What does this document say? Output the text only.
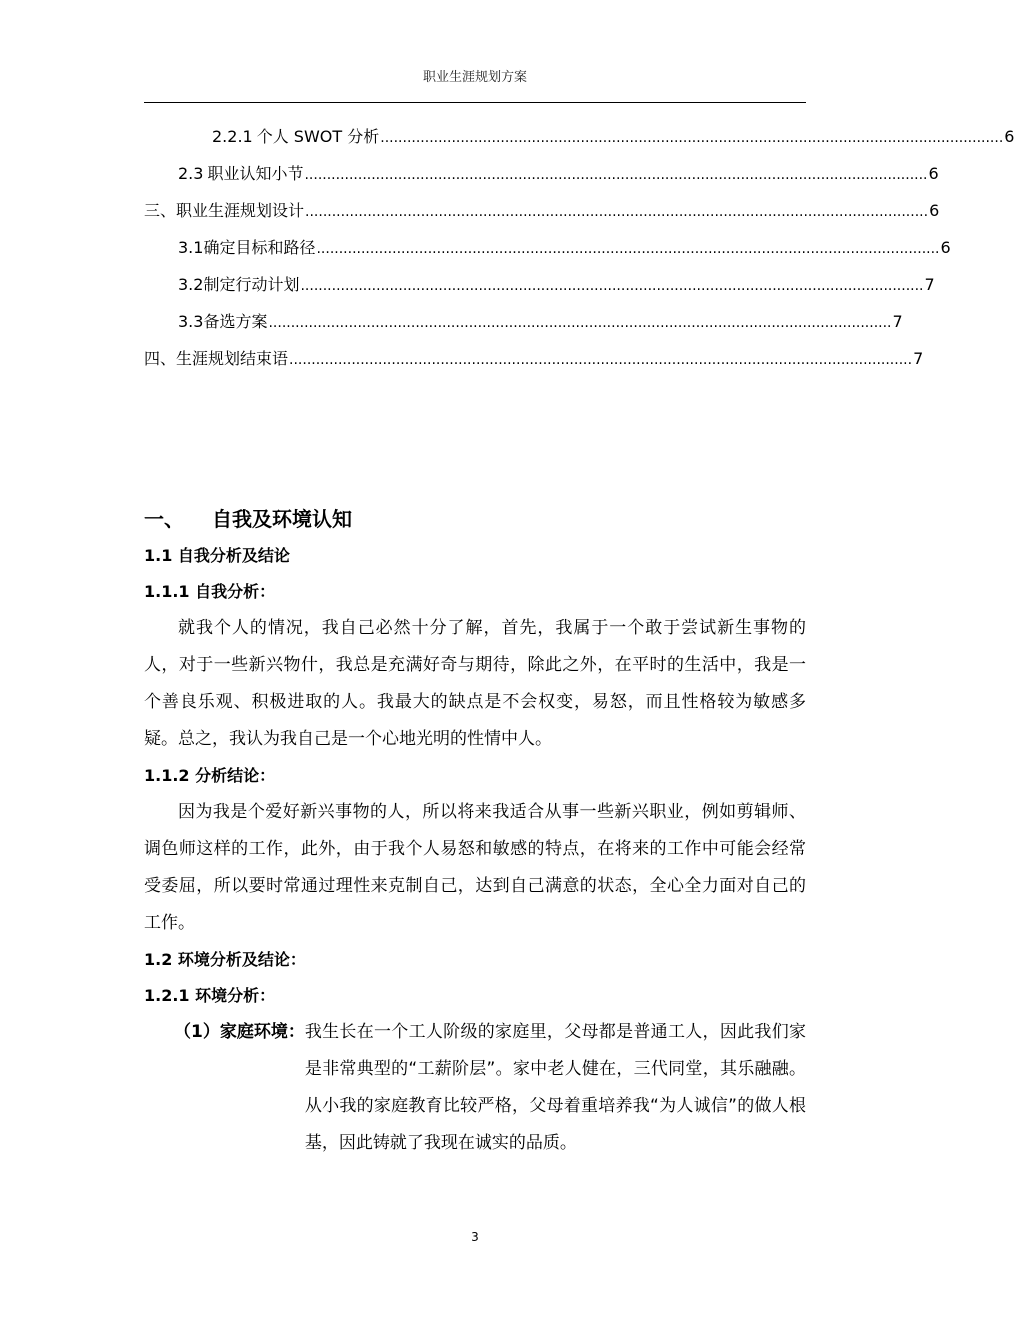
职业生涯规划方案
2.2.1 个人 SWOT 分析 ............................................................................................................................................ 6
2.3 职业认知小节 ............................................................................................................................................ 6
三、 职业生涯规划设计 ............................................................................................................................................ 6
3.1 确定目标和路径 ............................................................................................................................................ 6
3.2 制定行动计划 ............................................................................................................................................ 7
3.3 备选方案 ............................................................................................................................................ 7
四、 生涯规划结束语 ............................................................................................................................................ 7
一、	自我及环境认知
1.1 自我分析及结论
1.1.1 自我分析：

就我个人的情况，我自己必然十分了解，首先，我属于一个敢于尝试新生事物的人，对于一些新兴物什，我总是充满好奇与期待，除此之外，在平时的生活中，我是一个善良乐观、积极进取的人。我最大的缺点是不会权变，易怒，而且性格较为敏感多疑。总之，我认为我自己是一个心地光明的性情中人。

1.1.2 分析结论：

因为我是个爱好新兴事物的人，所以将来我适合从事一些新兴职业，例如剪辑师、调色师这样的工作，此外，由于我个人易怒和敏感的特点，在将来的工作中可能会经常受委屈，所以要时常通过理性来克制自己，达到自己满意的状态，全心全力面对自己的工作。

1.2 环境分析及结论：
1.2.1 环境分析：
（1）家庭环境： 我生长在一个工人阶级的家庭里，父母都是普通工人，因此我们家是非常典型的“工薪阶层”。家中老人健在，三代同堂，其乐融融。从小我的家庭教育比较严格，父母着重培养我“为人诚信”的做人根基，因此铸就了我现在诚实的品质。
3
